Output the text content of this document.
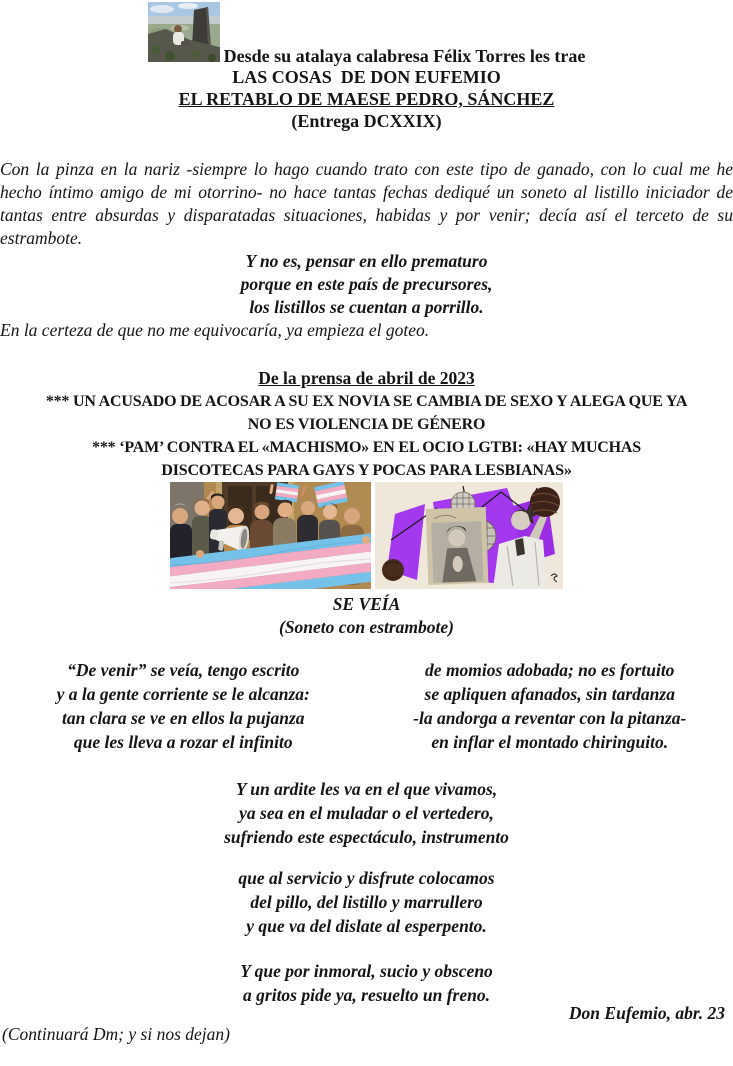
Desde su atalaya calabresa Félix Torres les trae
LAS COSAS  DE DON EUFEMIO
EL RETABLO DE MAESE PEDRO, SÁNCHEZ
(Entrega DCXXIX)
Con la pinza en la nariz -siempre lo hago cuando trato con este tipo de ganado, con lo cual me he hecho íntimo amigo de mi otorrino- no hace tantas fechas dediqué un soneto al listillo iniciador de tantas entre absurdas y disparatadas situaciones, habidas y por venir; decía así el terceto de su estrambote.
Y no es, pensar en ello prematuro
porque en este país de precursores,
los listillos se cuentan a porrillo.
En la certeza de que no me equivocaría, ya empieza el goteo.
De la prensa de abril de 2023
*** UN ACUSADO DE ACOSAR A SU EX NOVIA SE CAMBIA DE SEXO Y ALEGA QUE YA
NO ES VIOLENCIA DE GÉNERO
*** ‘PAM’ CONTRA EL «MACHISMO» EN EL OCIO LGTBI: «HAY MUCHAS
DISCOTECAS PARA GAYS Y POCAS PARA LESBIANAS»
SE VEÍA
(Soneto con estrambote)
“De venir” se veía, tengo escrito
y a la gente corriente se le alcanza:
tan clara se ve en ellos la pujanza
que les lleva a rozar el infinito
de momios adobada; no es fortuito
se apliquen afanados, sin tardanza
-la andorga a reventar con la pitanza-
en inflar el montado chiringuito.
Y un ardite les va en el que vivamos,
ya sea en el muladar o el vertedero,
sufriendo este espectáculo, instrumento
que al servicio y disfrute colocamos
del pillo, del listillo y marrullero
y que va del dislate al esperpento.
Y que por inmoral, sucio y obsceno
a gritos pide ya, resuelto un freno.
Don Eufemio, abr. 23
(Continuará Dm; y si nos dejan)
